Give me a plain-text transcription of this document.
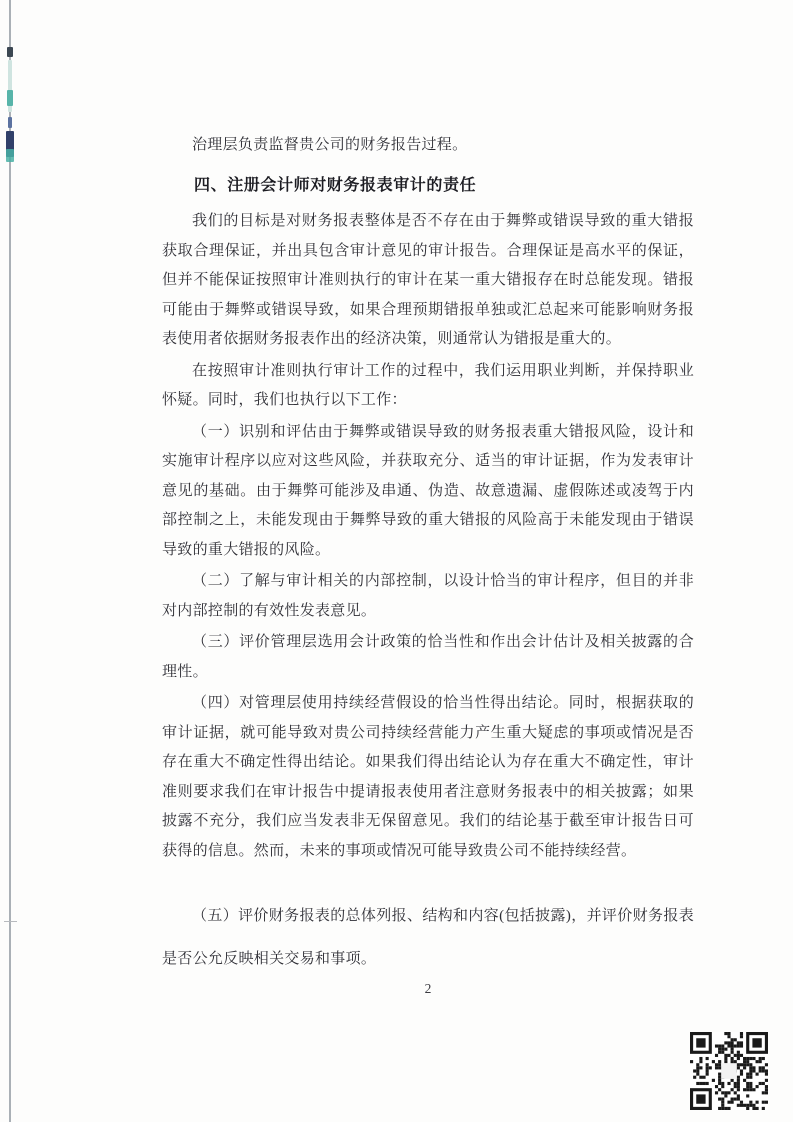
治理层负责监督贵公司的财务报告过程。

四、注册会计师对财务报表审计的责任

我们的目标是对财务报表整体是否不存在由于舞弊或错误导致的重大错报获取合理保证，并出具包含审计意见的审计报告。合理保证是高水平的保证，但并不能保证按照审计准则执行的审计在某一重大错报存在时总能发现。错报可能由于舞弊或错误导致，如果合理预期错报单独或汇总起来可能影响财务报表使用者依据财务报表作出的经济决策，则通常认为错报是重大的。

在按照审计准则执行审计工作的过程中，我们运用职业判断，并保持职业怀疑。同时，我们也执行以下工作：

（一）识别和评估由于舞弊或错误导致的财务报表重大错报风险，设计和实施审计程序以应对这些风险，并获取充分、适当的审计证据，作为发表审计意见的基础。由于舞弊可能涉及串通、伪造、故意遗漏、虚假陈述或凌驾于内部控制之上，未能发现由于舞弊导致的重大错报的风险高于未能发现由于错误导致的重大错报的风险。

（二）了解与审计相关的内部控制，以设计恰当的审计程序，但目的并非对内部控制的有效性发表意见。

（三）评价管理层选用会计政策的恰当性和作出会计估计及相关披露的合理性。

（四）对管理层使用持续经营假设的恰当性得出结论。同时，根据获取的审计证据，就可能导致对贵公司持续经营能力产生重大疑虑的事项或情况是否存在重大不确定性得出结论。如果我们得出结论认为存在重大不确定性，审计准则要求我们在审计报告中提请报表使用者注意财务报表中的相关披露；如果披露不充分，我们应当发表非无保留意见。我们的结论基于截至审计报告日可获得的信息。然而，未来的事项或情况可能导致贵公司不能持续经营。

（五）评价财务报表的总体列报、结构和内容(包括披露)，并评价财务报表是否公允反映相关交易和事项。

2
